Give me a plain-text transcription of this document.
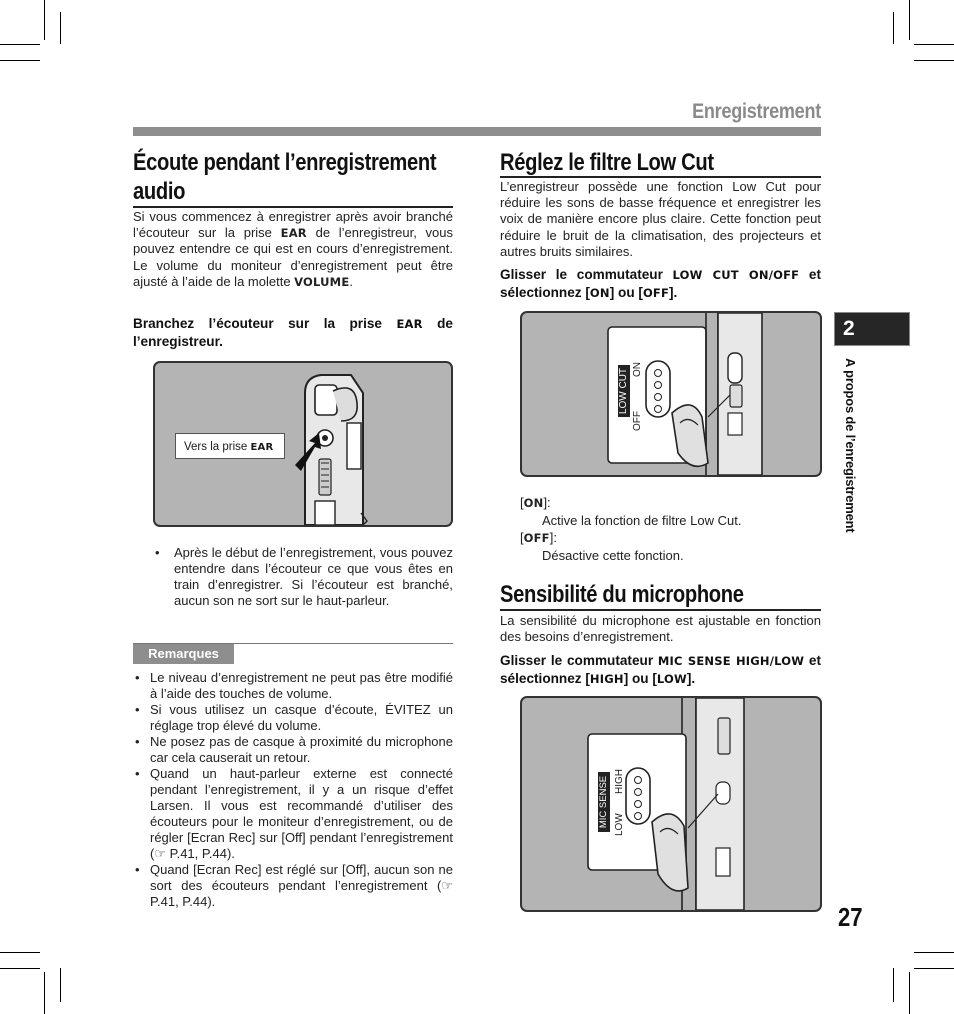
Enregistrement
Écoute pendant l’enregistrement audio
Si vous commencez à enregistrer après avoir branché l’écouteur sur la prise EAR de l’enregistreur, vous pouvez entendre ce qui est en cours d’enregistrement. Le volume du moniteur d’enregistrement peut être ajusté à l’aide de la molette VOLUME.
Branchez l’écouteur sur la prise EAR de l’enregistreur.
Vers la prise EAR
• Après le début de l’enregistrement, vous pouvez entendre dans l’écouteur ce que vous êtes en train d’enregistrer. Si l’écouteur est branché, aucun son ne sort sur le haut-parleur.
Remarques
• Le niveau d’enregistrement ne peut pas être modifié à l’aide des touches de volume.
• Si vous utilisez un casque d’écoute, ÉVITEZ un réglage trop élevé du volume.
• Ne posez pas de casque à proximité du microphone car cela causerait un retour.
• Quand un haut-parleur externe est connecté pendant l’enregistrement, il y a un risque d’effet Larsen. Il vous est recommandé d’utiliser des écouteurs pour le moniteur d’enregistrement, ou de régler [Ecran Rec] sur [Off] pendant l’enregistrement (☞ P.41, P.44).
• Quand [Ecran Rec] est réglé sur [Off], aucun son ne sort des écouteurs pendant l’enregistrement (☞ P.41, P.44).
Réglez le filtre Low Cut
L’enregistreur possède une fonction Low Cut pour réduire les sons de basse fréquence et enregistrer les voix de manière encore plus claire. Cette fonction peut réduire le bruit de la climatisation, des projecteurs et autres bruits similaires.
Glisser le commutateur LOW CUT ON/OFF et sélectionnez [ON] ou [OFF].
LOW CUT
OFF
ON
[ON]:
Active la fonction de filtre Low Cut.
[OFF]:
Désactive cette fonction.
Sensibilité du microphone
La sensibilité du microphone est ajustable en fonction des besoins d’enregistrement.
Glisser le commutateur MIC SENSE HIGH/LOW et sélectionnez [HIGH] ou [LOW].
MIC SENSE LOW
HIGH
2
A propos de l’enregistrement
27
